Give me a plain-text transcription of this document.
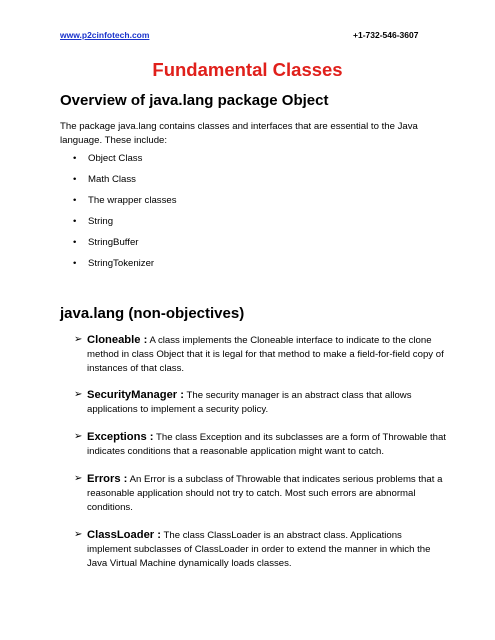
www.p2cinfotech.com	+1-732-546-3607
Fundamental Classes
Overview of java.lang package Object

The package java.lang contains classes and interfaces that are essential to the Java language. These include:

• Object Class
• Math Class
• The wrapper classes
• String
• StringBuffer
• StringTokenizer
java.lang (non-objectives)
➢ Cloneable : A class implements the Cloneable interface to indicate to the clone method in class Object that it is legal for that method to make a field-for-field copy of instances of that class.
➢ SecurityManager : The security manager is an abstract class that allows applications to implement a security policy.
➢ Exceptions : The class Exception and its subclasses are a form of Throwable that indicates conditions that a reasonable application might want to catch.
➢ Errors : An Error is a subclass of Throwable that indicates serious problems that a reasonable application should not try to catch. Most such errors are abnormal conditions.
➢ ClassLoader : The class ClassLoader is an abstract class. Applications implement subclasses of ClassLoader in order to extend the manner in which the Java Virtual Machine dynamically loads classes.
